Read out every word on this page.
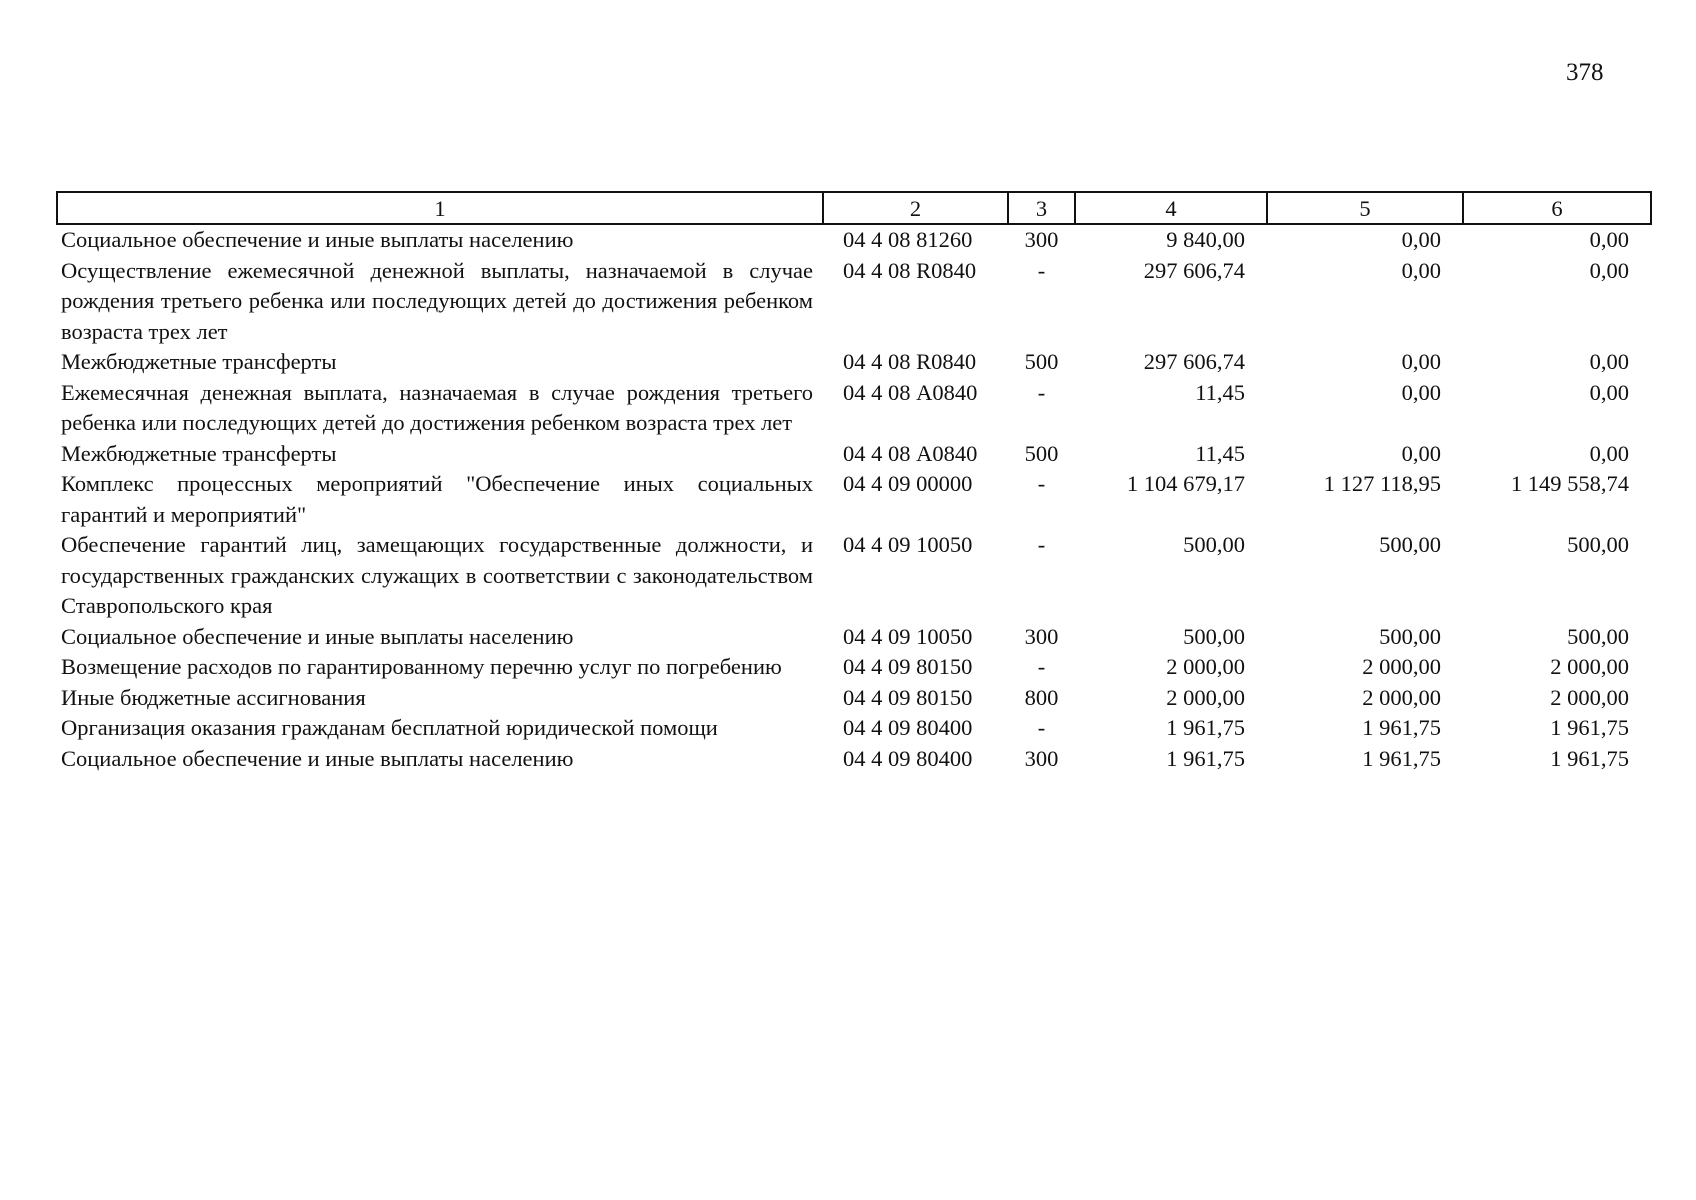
378
1	2	3	4	5	6
Социальное обеспечение и иные выплаты населению	04 4 08 81260	300	9 840,00	0,00	0,00
Осуществление ежемесячной денежной выплаты, назначаемой в случае рождения третьего ребенка или последующих детей до достижения ребенком возраста трех лет	04 4 08 R0840	-	297 606,74	0,00	0,00
Межбюджетные трансферты	04 4 08 R0840	500	297 606,74	0,00	0,00
Ежемесячная денежная выплата, назначаемая в случае рождения третьего ребенка или последующих детей до достижения ребенком возраста трех лет	04 4 08 А0840	-	11,45	0,00	0,00
Межбюджетные трансферты	04 4 08 А0840	500	11,45	0,00	0,00
Комплекс процессных мероприятий "Обеспечение иных социальных гарантий и мероприятий"	04 4 09 00000	-	1 104 679,17	1 127 118,95	1 149 558,74
Обеспечение гарантий лиц, замещающих государственные должности, и государственных гражданских служащих в соответствии с законодательством Ставропольского края	04 4 09 10050	-	500,00	500,00	500,00
Социальное обеспечение и иные выплаты населению	04 4 09 10050	300	500,00	500,00	500,00
Возмещение расходов по гарантированному перечню услуг по погребению	04 4 09 80150	-	2 000,00	2 000,00	2 000,00
Иные бюджетные ассигнования	04 4 09 80150	800	2 000,00	2 000,00	2 000,00
Организация оказания гражданам бесплатной юридической помощи	04 4 09 80400	-	1 961,75	1 961,75	1 961,75
Социальное обеспечение и иные выплаты населению	04 4 09 80400	300	1 961,75	1 961,75	1 961,75
